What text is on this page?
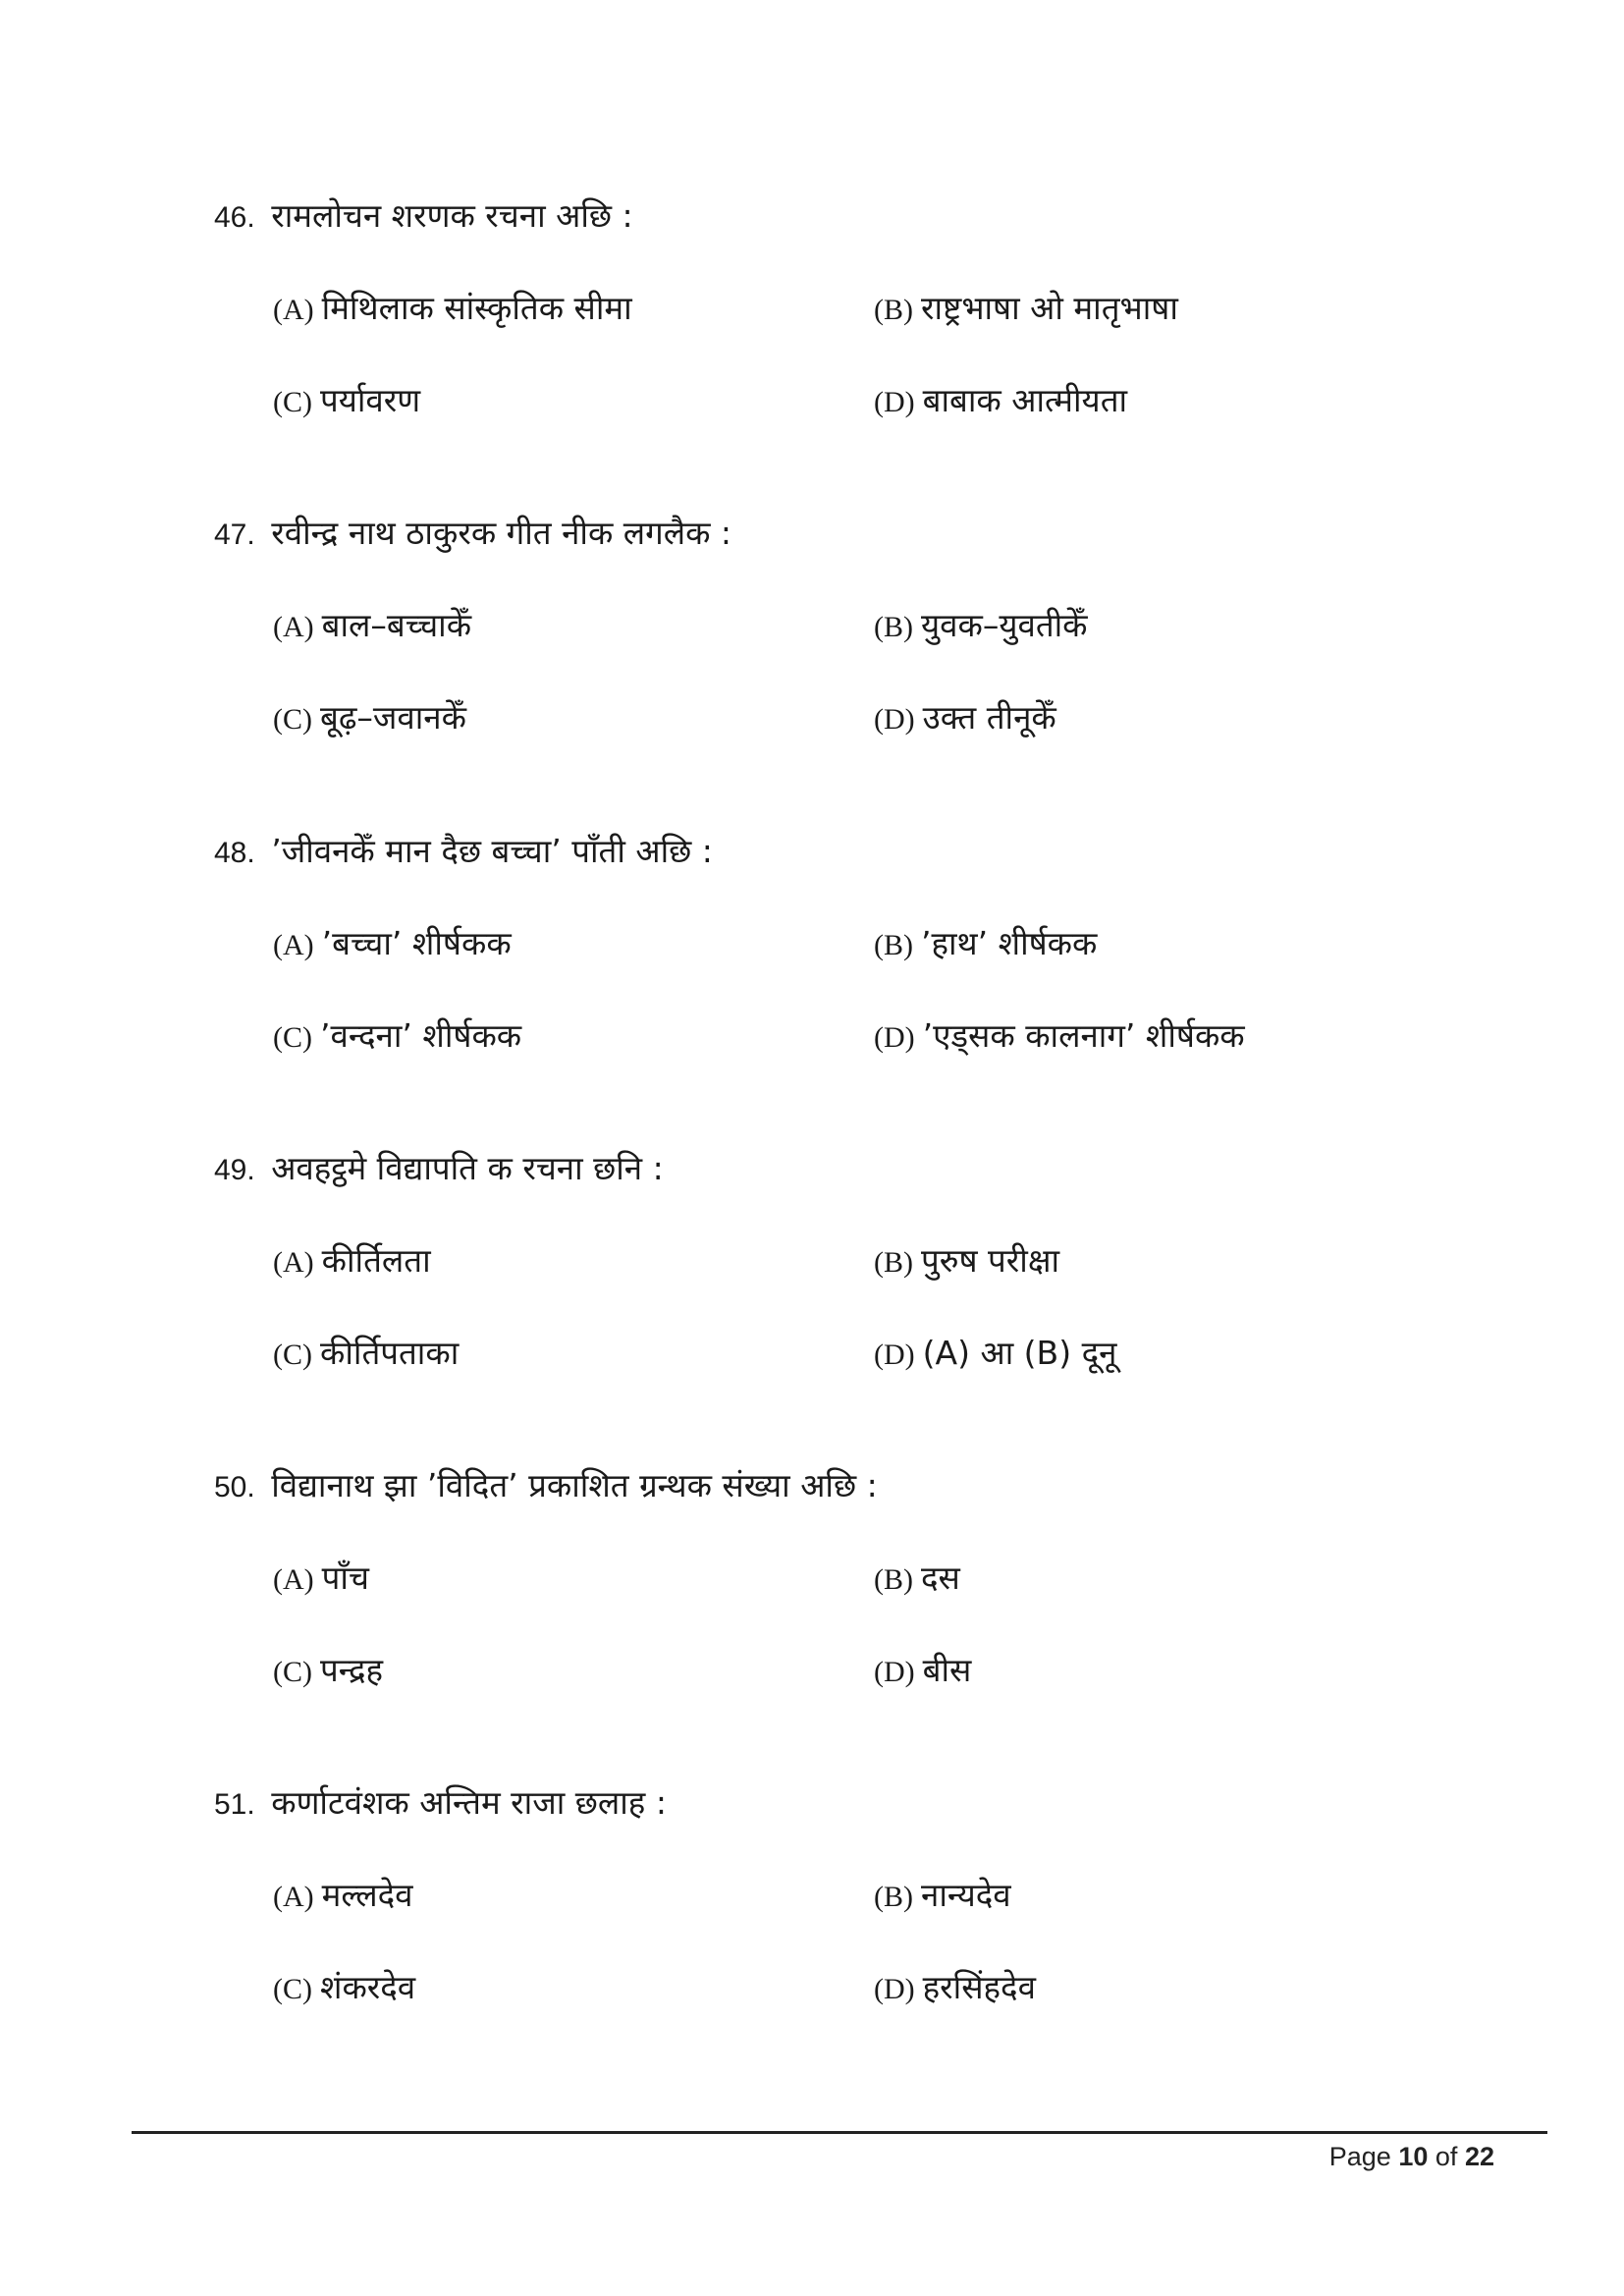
46. रामलोचन शरणक रचना अछि :
(A) मिथिलाक सांस्कृतिक सीमा	(B) राष्ट्रभाषा ओ मातृभाषा
(C) पर्यावरण	(D) बाबाक आत्मीयता
47. रवीन्द्र नाथ ठाकुरक गीत नीक लगलैक :
(A) बाल–बच्चाकेँ	(B) युवक–युवतीकेँ
(C) बूढ़–जवानकेँ	(D) उक्त तीनूकेँ
48. ’जीवनकेँ मान दैछ बच्चा’ पाँती अछि :
(A) ’बच्चा’ शीर्षकक	(B) ’हाथ’ शीर्षकक
(C) ’वन्दना’ शीर्षकक	(D) ’एड्सक कालनाग’ शीर्षकक
49. अवहट्ठमे विद्यापति क रचना छनि :
(A) कीर्तिलता	(B) पुरुष परीक्षा
(C) कीर्तिपताका	(D) (A) आ (B) दूनू
50. विद्यानाथ झा ’विदित’ प्रकाशित ग्रन्थक संख्या अछि :
(A) पाँच	(B) दस
(C) पन्द्रह	(D) बीस
51. कर्णाटवंशक अन्तिम राजा छलाह :
(A) मल्लदेव	(B) नान्यदेव
(C) शंकरदेव	(D) हरसिंहदेव
Page 10 of 22
